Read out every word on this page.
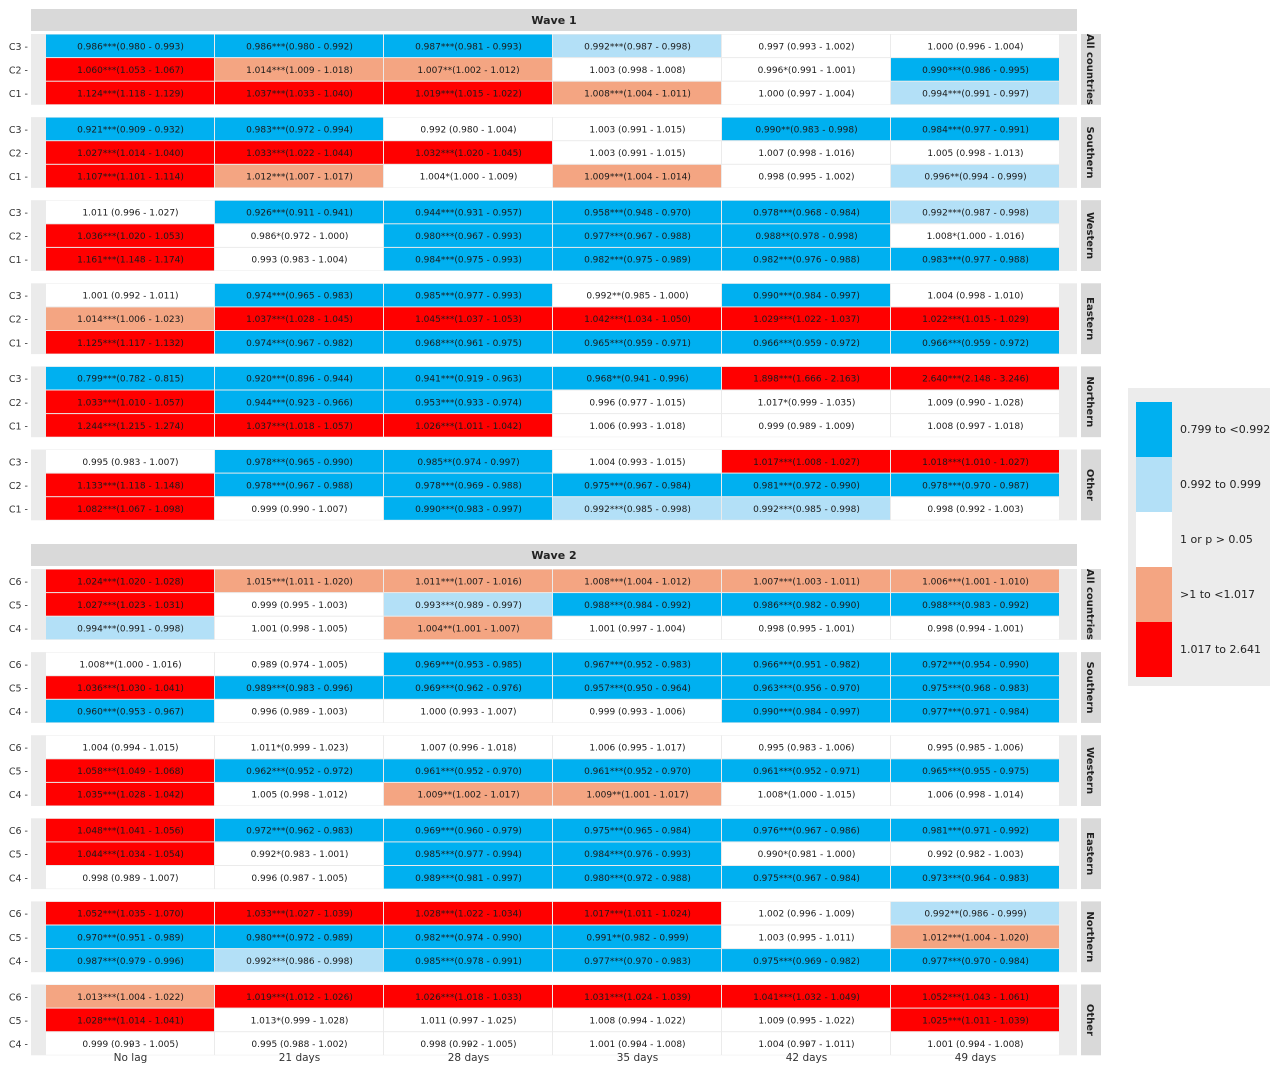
Wave 1
C3 -	0.986***(0.980 - 0.993)	0.986***(0.980 - 0.992)	0.987***(0.981 - 0.993)	0.992***(0.987 - 0.998)	0.997 (0.993 - 1.002)	1.000 (0.996 - 1.004)
C2 -	1.060***(1.053 - 1.067)	1.014***(1.009 - 1.018)	1.007**(1.002 - 1.012)	1.003 (0.998 - 1.008)	0.996*(0.991 - 1.001)	0.990***(0.986 - 0.995)
C1 -	1.124***(1.118 - 1.129)	1.037***(1.033 - 1.040)	1.019***(1.015 - 1.022)	1.008***(1.004 - 1.011)	1.000 (0.997 - 1.004)	0.994***(0.991 - 0.997)	All countries
C3 -	0.921***(0.909 - 0.932)	0.983***(0.972 - 0.994)	0.992 (0.980 - 1.004)	1.003 (0.991 - 1.015)	0.990**(0.983 - 0.998)	0.984***(0.977 - 0.991)
C2 -	1.027***(1.014 - 1.040)	1.033***(1.022 - 1.044)	1.032***(1.020 - 1.045)	1.003 (0.991 - 1.015)	1.007 (0.998 - 1.016)	1.005 (0.998 - 1.013)
C1 -	1.107***(1.101 - 1.114)	1.012***(1.007 - 1.017)	1.004*(1.000 - 1.009)	1.009***(1.004 - 1.014)	0.998 (0.995 - 1.002)	0.996**(0.994 - 0.999)	Southern
C3 -	1.011 (0.996 - 1.027)	0.926***(0.911 - 0.941)	0.944***(0.931 - 0.957)	0.958***(0.948 - 0.970)	0.978***(0.968 - 0.984)	0.992***(0.987 - 0.998)
C2 -	1.036***(1.020 - 1.053)	0.986*(0.972 - 1.000)	0.980***(0.967 - 0.993)	0.977***(0.967 - 0.988)	0.988**(0.978 - 0.998)	1.008*(1.000 - 1.016)
C1 -	1.161***(1.148 - 1.174)	0.993 (0.983 - 1.004)	0.984***(0.975 - 0.993)	0.982***(0.975 - 0.989)	0.982***(0.976 - 0.988)	0.983***(0.977 - 0.988)
Western
C3 -	1.001 (0.992 - 1.011)	0.974***(0.965 - 0.983)	0.985***(0.977 - 0.993)	0.992**(0.985 - 1.000)	0.990***(0.984 - 0.997)	1.004 (0.998 - 1.010)
C2 -	1.014***(1.006 - 1.023)	1.037***(1.028 - 1.045)	1.045***(1.037 - 1.053)	1.042***(1.034 - 1.050)	1.029***(1.022 - 1.037)	1.022***(1.015 - 1.029)
C1 -	1.125***(1.117 - 1.132)	0.974***(0.967 - 0.982)	0.968***(0.961 - 0.975)	0.965***(0.959 - 0.971)	0.966***(0.959 - 0.972)	0.966***(0.959 - 0.972)
Eastern
C3 -	0.799***(0.782 - 0.815)	0.920***(0.896 - 0.944)	0.941***(0.919 - 0.963)	0.968**(0.941 - 0.996)	1.898***(1.666 - 2.163)	2.640***(2.148 - 3.246)
C2 -	1.033***(1.010 - 1.057)	0.944***(0.923 - 0.966)	0.953***(0.933 - 0.974)	0.996 (0.977 - 1.015)	1.017*(0.999 - 1.035)	1.009 (0.990 - 1.028)
C1 -	1.244***(1.215 - 1.274)	1.037***(1.018 - 1.057)	1.026***(1.011 - 1.042)	1.006 (0.993 - 1.018)	0.999 (0.989 - 1.009)	1.008 (0.997 - 1.018)	Northern
C3 -	0.995 (0.983 - 1.007)	0.978***(0.965 - 0.990)	0.985**(0.974 - 0.997)	1.004 (0.993 - 1.015)	1.017***(1.008 - 1.027)	1.018***(1.010 - 1.027)
C2 -	1.133***(1.118 - 1.148)	0.978***(0.967 - 0.988)	0.978***(0.969 - 0.988)	0.975***(0.967 - 0.984)	0.981***(0.972 - 0.990)	0.978***(0.970 - 0.987)
C1 -	1.082***(1.067 - 1.098)	0.999 (0.990 - 1.007)	0.990***(0.983 - 0.997)	0.992***(0.985 - 0.998)	0.992***(0.985 - 0.998)	0.998 (0.992 - 1.003)
Other
Wave 2
C6 -	1.024***(1.020 - 1.028)	1.015***(1.011 - 1.020)	1.011***(1.007 - 1.016)	1.008***(1.004 - 1.012)	1.007***(1.003 - 1.011)	1.006***(1.001 - 1.010)
C5 -	1.027***(1.023 - 1.031)	0.999 (0.995 - 1.003)	0.993***(0.989 - 0.997)	0.988***(0.984 - 0.992)	0.986***(0.982 - 0.990)	0.988***(0.983 - 0.992)
C4 -	0.994***(0.991 - 0.998)	1.001 (0.998 - 1.005)	1.004**(1.001 - 1.007)	1.001 (0.997 - 1.004)	0.998 (0.995 - 1.001)	0.998 (0.994 - 1.001)	All countries
C6 -	1.008**(1.000 - 1.016)	0.989 (0.974 - 1.005)	0.969***(0.953 - 0.985)	0.967***(0.952 - 0.983)	0.966***(0.951 - 0.982)	0.972***(0.954 - 0.990)
C5 -	1.036***(1.030 - 1.041)	0.989***(0.983 - 0.996)	0.969***(0.962 - 0.976)	0.957***(0.950 - 0.964)	0.963***(0.956 - 0.970)	0.975***(0.968 - 0.983)
C4 -	0.960***(0.953 - 0.967)	0.996 (0.989 - 1.003)	1.000 (0.993 - 1.007)	0.999 (0.993 - 1.006)	0.990***(0.984 - 0.997)	0.977***(0.971 - 0.984)	Southern
C6 -	1.004 (0.994 - 1.015)	1.011*(0.999 - 1.023)	1.007 (0.996 - 1.018)	1.006 (0.995 - 1.017)	0.995 (0.983 - 1.006)	0.995 (0.985 - 1.006)
C5 -	1.058***(1.049 - 1.068)	0.962***(0.952 - 0.972)	0.961***(0.952 - 0.970)	0.961***(0.952 - 0.970)	0.961***(0.952 - 0.971)	0.965***(0.955 - 0.975)
C4 -	1.035***(1.028 - 1.042)	1.005 (0.998 - 1.012)	1.009**(1.002 - 1.017)	1.009**(1.001 - 1.017)	1.008*(1.000 - 1.015)	1.006 (0.998 - 1.014)
Western
C6 -	1.048***(1.041 - 1.056)	0.972***(0.962 - 0.983)	0.969***(0.960 - 0.979)	0.975***(0.965 - 0.984)	0.976***(0.967 - 0.986)	0.981***(0.971 - 0.992)
C5 -	1.044***(1.034 - 1.054)	0.992*(0.983 - 1.001)	0.985***(0.977 - 0.994)	0.984***(0.976 - 0.993)	0.990*(0.981 - 1.000)	0.992 (0.982 - 1.003)
C4 -	0.998 (0.989 - 1.007)	0.996 (0.987 - 1.005)	0.989***(0.981 - 0.997)	0.980***(0.972 - 0.988)	0.975***(0.967 - 0.984)	0.973***(0.964 - 0.983)
Eastern
C6 -	1.052***(1.035 - 1.070)	1.033***(1.027 - 1.039)	1.028***(1.022 - 1.034)	1.017***(1.011 - 1.024)	1.002 (0.996 - 1.009)	0.992**(0.986 - 0.999)
C5 -	0.970***(0.951 - 0.989)	0.980***(0.972 - 0.989)	0.982***(0.974 - 0.990)	0.991**(0.982 - 0.999)	1.003 (0.995 - 1.011)	1.012***(1.004 - 1.020)
C4 -	0.987***(0.979 - 0.996)	0.992***(0.986 - 0.998)	0.985***(0.978 - 0.991)	0.977***(0.970 - 0.983)	0.975***(0.969 - 0.982)	0.977***(0.970 - 0.984)	Northern
C6 -	1.013***(1.004 - 1.022)	1.019***(1.012 - 1.026)	1.026***(1.018 - 1.033)	1.031***(1.024 - 1.039)	1.041***(1.032 - 1.049)	1.052***(1.043 - 1.061)
C5 -	1.028***(1.014 - 1.041)	1.013*(0.999 - 1.028)	1.011 (0.997 - 1.025)	1.008 (0.994 - 1.022)	1.009 (0.995 - 1.022)	1.025***(1.011 - 1.039)
C4 -	0.999 (0.993 - 1.005)	0.995 (0.988 - 1.002)	0.998 (0.992 - 1.005)	1.001 (0.994 - 1.008)	1.004 (0.997 - 1.011)	1.001 (0.994 - 1.008)
Other
No lag	21 days	28 days	35 days	42 days	49 days
0.799 to <0.992
0.992 to 0.999
1 or p > 0.05
>1 to <1.017
1.017 to 2.641
